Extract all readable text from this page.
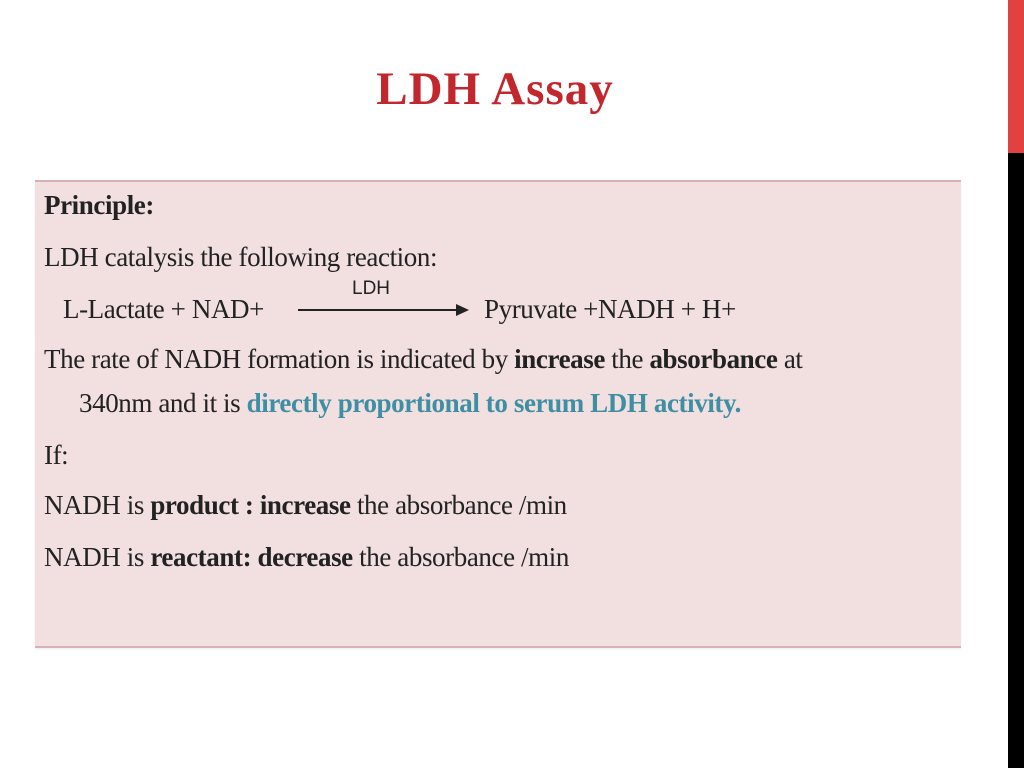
LDH Assay
Principle:
LDH catalysis the following reaction:
L-Lactate + NAD+
LDH
Pyruvate +NADH + H+
The rate of NADH formation is indicated by increase the absorbance at
340nm and it is directly proportional to serum LDH activity.
If:
NADH is product : increase the absorbance /min
NADH is reactant: decrease the absorbance /min
